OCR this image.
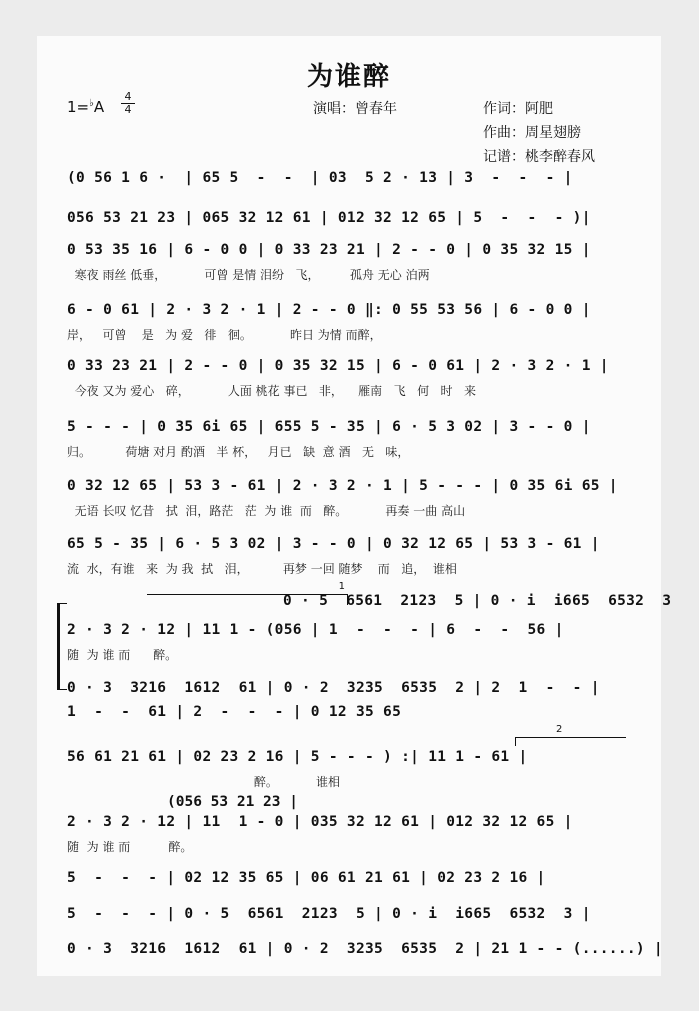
为谁醉
$1=^♭A \frac{4}{4}$	演唱：曾春年	作词：阿肥
作曲：周星翅膀
记谱：桃李醉春风
(0 56 1 6 ·  | 65 5  -  -  | 03  5 2 · 13 | 3  -  -  - |
056 53 21 23 | 065 32 12 61 | 012 32 12 65 | 5  -  -  - )|
0 53 35 16 | 6 - 0 0 | 0 33 23 21 | 2 - - 0 | 0 35 32 15 |
寒夜 雨丝 低垂，          可曾 是情 泪纷   飞，        孤舟 无心 泊两
6 - 0 61 | 2 · 3 2 · 1 | 2 - - 0 ‖: 0 55 53 56 | 6 - 0 0 |
岸，   可曾    是   为 爱   徘   徊。          昨日 为情 而醉，
0 33 23 21 | 2 - - 0 | 0 35 32 15 | 6 - 0 61 | 2 · 3 2 · 1 |
今夜 又为 爱心   碎，          人面 桃花 事已   非，    雁南   飞   何   时   来
5 - - - | 0 35 6i 65 | 655 5 - 35 | 6 · 5 3 02 | 3 - - 0 |
归。         荷塘 对月 酌酒   半 杯，   月已   缺  意 酒   无   味，
0 32 12 65 | 53 3 - 61 | 2 · 3 2 · 1 | 5 - - - | 0 35 6i 65 |
无语 长叹 忆昔   拭  泪，路茫   茫  为 谁  而   醉。          再奏 一曲 高山
65 5 - 35 | 6 · 5 3 02 | 3 - - 0 | 0 32 12 65 | 53 3 - 61 |
流  水，有谁   来  为 我  拭   泪，         再梦 一回 随梦    而   追，  谁相
1
0 · 5  6561  2123  5 | 0 · i  i665  6532  3
2 · 3 2 · 12 | 11 1 - (056 | 1  -  -  - | 6  -  -  56 |
随  为 谁 而      醉。
0 · 3  3216  1612  61 | 0 · 2  3235  6535  2 | 2  1  -  - |
1  -  -  61 | 2  -  -  - | 0 12 35 65
2
56 61 21 61 | 02 23 2 16 | 5 - - - ) :| 11 1 - 61 |
醉。          谁相
(056 53 21 23 |
2 · 3 2 · 12 | 11  1 - 0 | 035 32 12 61 | 012 32 12 65 |
随  为 谁 而          醉。
5  -  -  - | 02 12 35 65 | 06 61 21 61 | 02 23 2 16 |
5  -  -  - | 0 · 5  6561  2123  5 | 0 · i  i665  6532  3 |
0 · 3  3216  1612  61 | 0 · 2  3235  6535  2 | 21 1 - - (......) |
